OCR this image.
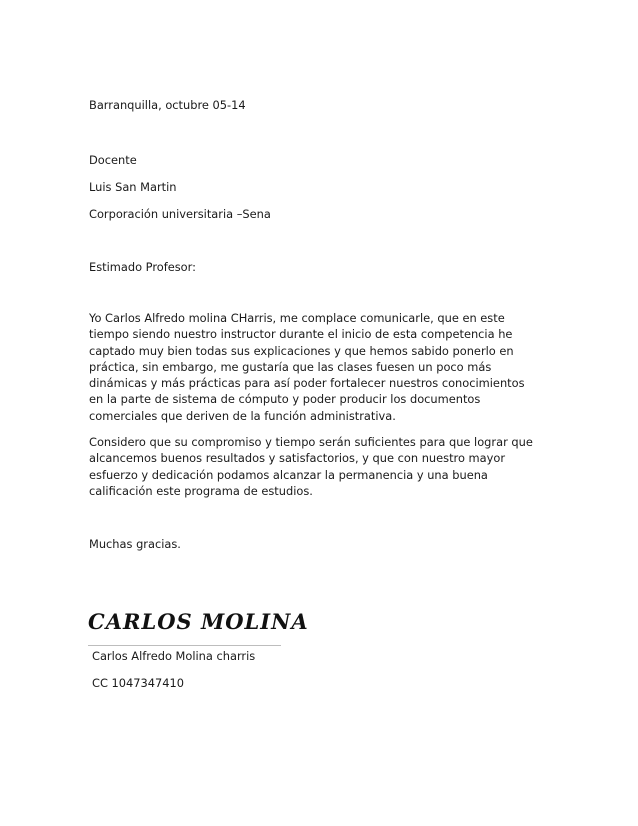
Barranquilla, octubre 05-14
Docente
Luis San Martin
Corporación universitaria –Sena
Estimado Profesor:
Yo Carlos Alfredo molina CHarris, me complace comunicarle, que en este
tiempo siendo nuestro instructor durante el inicio de esta competencia he
captado muy bien todas sus explicaciones y que hemos sabido ponerlo en
práctica, sin embargo, me gustaría que las clases fuesen un poco más
dinámicas y más prácticas para así poder fortalecer nuestros conocimientos
en la parte de sistema de cómputo y poder producir los documentos
comerciales que deriven de la función administrativa.
Considero que su compromiso y tiempo serán suficientes para que lograr que
alcancemos buenos resultados y satisfactorios, y que con nuestro mayor
esfuerzo y dedicación podamos alcanzar la permanencia y una buena
calificación este programa de estudios.
Muchas gracias.
CARLOS MOLINA
Carlos Alfredo Molina charris
CC 1047347410
